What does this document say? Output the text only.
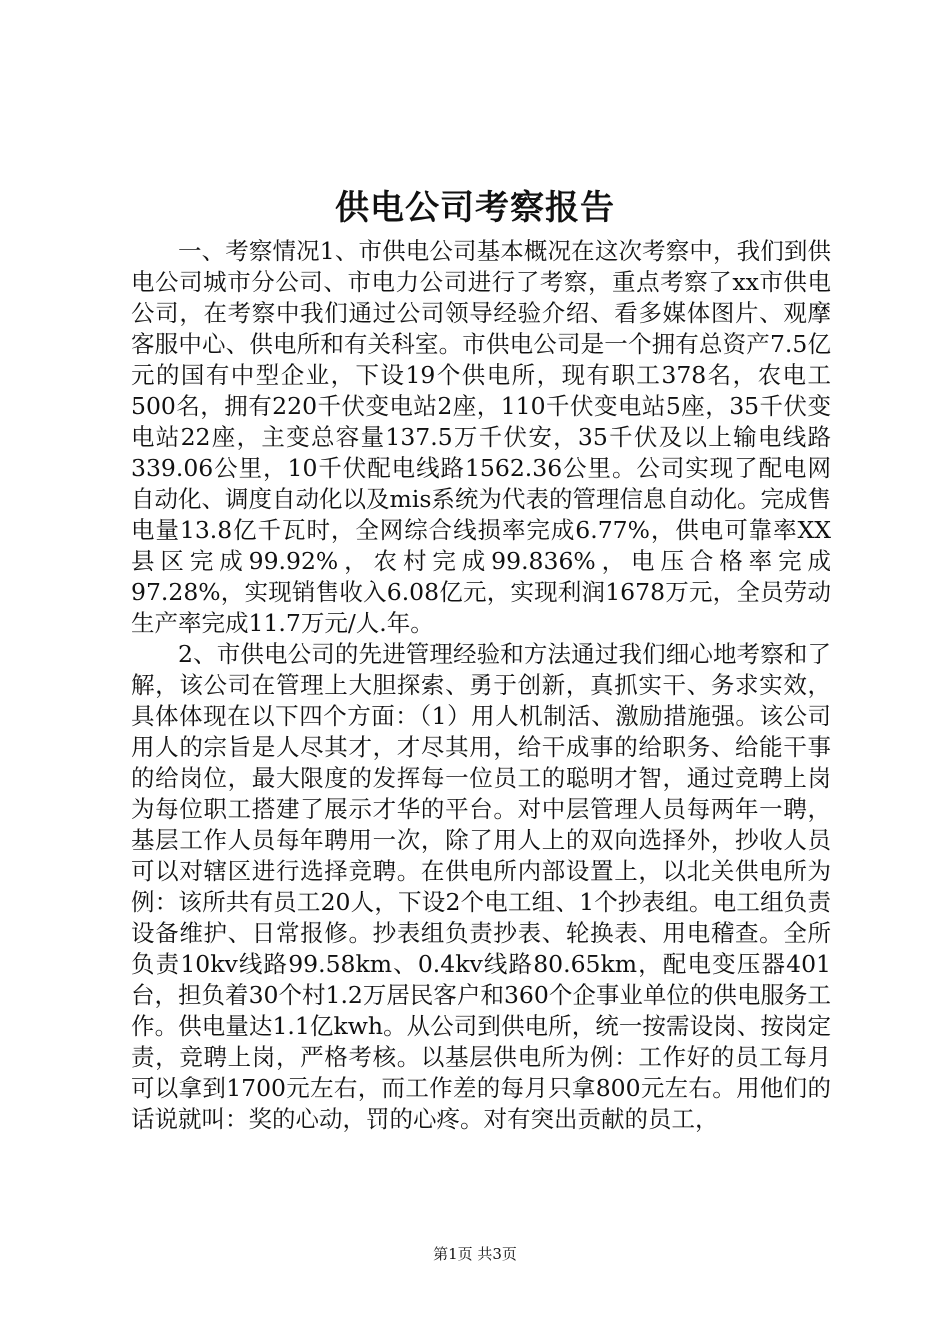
供电公司考察报告

一、考察情况1、市供电公司基本概况在这次考察中，我们到供电公司城市分公司、市电力公司进行了考察，重点考察了xx市供电公司，在考察中我们通过公司领导经验介绍、看多媒体图片、观摩客服中心、供电所和有关科室。市供电公司是一个拥有总资产7.5亿元的国有中型企业，下设19个供电所，现有职工378名，农电工500名，拥有220千伏变电站2座，110千伏变电站5座，35千伏变电站22座，主变总容量137.5万千伏安，35千伏及以上输电线路339.06公里，10千伏配电线路1562.36公里。公司实现了配电网自动化、调度自动化以及mis系统为代表的管理信息自动化。完成售电量13.8亿千瓦时，全网综合线损率完成6.77%，供电可靠率XX县区完成99.92%，农村完成99.836%，电压合格率完成97.28%，实现销售收入6.08亿元，实现利润1678万元，全员劳动生产率完成11.7万元/人.年。

2、市供电公司的先进管理经验和方法通过我们细心地考察和了解，该公司在管理上大胆探索、勇于创新，真抓实干、务求实效，具体体现在以下四个方面：（1）用人机制活、激励措施强。该公司用人的宗旨是人尽其才，才尽其用，给干成事的给职务、给能干事的给岗位，最大限度的发挥每一位员工的聪明才智，通过竞聘上岗为每位职工搭建了展示才华的平台。对中层管理人员每两年一聘，基层工作人员每年聘用一次，除了用人上的双向选择外，抄收人员可以对辖区进行选择竞聘。在供电所内部设置上，以北关供电所为例：该所共有员工20人，下设2个电工组、1个抄表组。电工组负责设备维护、日常报修。抄表组负责抄表、轮换表、用电稽查。全所负责10kv线路99.58km、0.4kv线路80.65km，配电变压器401台，担负着30个村1.2万居民客户和360个企事业单位的供电服务工作。供电量达1.1亿kwh。从公司到供电所，统一按需设岗、按岗定责，竞聘上岗，严格考核。以基层供电所为例：工作好的员工每月可以拿到1700元左右，而工作差的每月只拿800元左右。用他们的话说就叫：奖的心动，罚的心疼。对有突出贡献的员工，

第1页 共3页
